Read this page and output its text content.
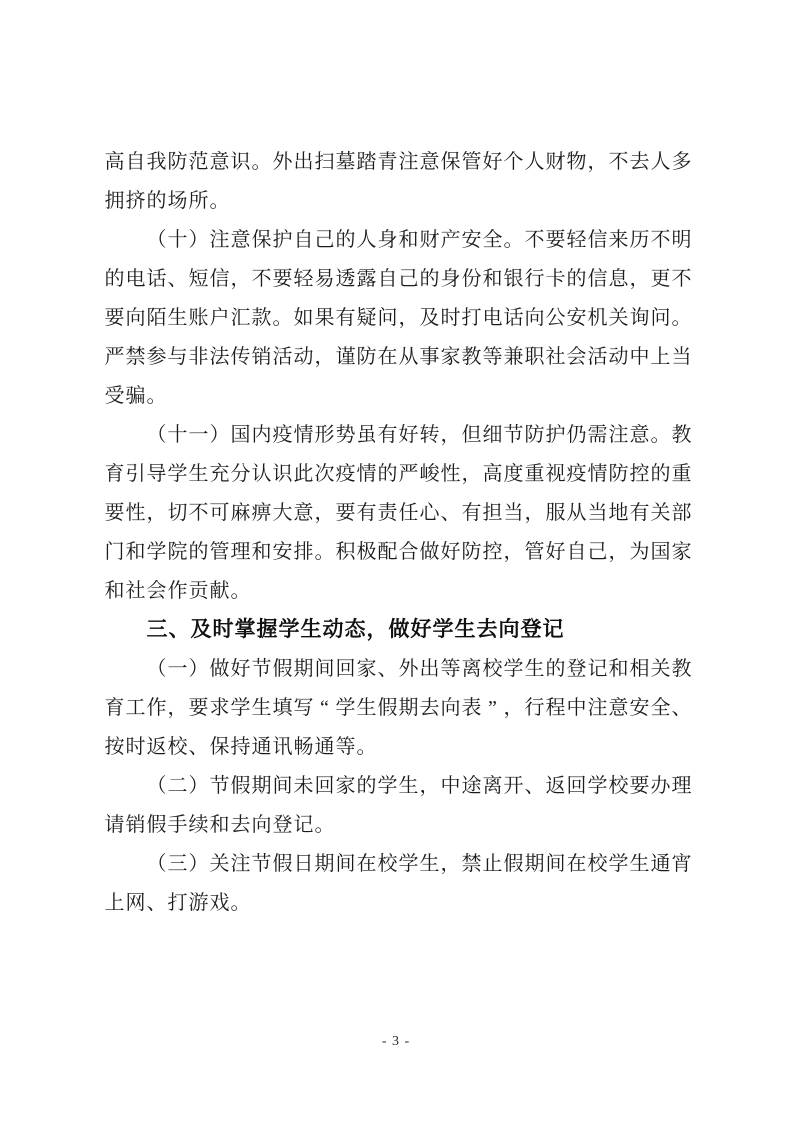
高 自 我 防 范 意 识 。 外 出 扫 墓 踏 青 注 意 保 管 好 个 人 财 物 ， 不 去 人 多
拥 挤 的 场 所 。
（ 十 ） 注 意 保 护 自 己 的 人 身 和 财 产 安 全 。 不 要 轻 信 来 历 不 明
的 电 话 、 短 信 ， 不 要 轻 易 透 露 自 己 的 身 份 和 银 行 卡 的 信 息 ， 更 不
要 向 陌 生 账 户 汇 款 。 如 果 有 疑 问 ， 及 时 打 电 话 向 公 安 机 关 询 问 。
严 禁 参 与 非 法 传 销 活 动 ， 谨 防 在 从 事 家 教 等 兼 职 社 会 活 动 中 上 当
受 骗 。
（ 十 一 ） 国 内 疫 情 形 势 虽 有 好 转 ， 但 细 节 防 护 仍 需 注 意 。 教
育 引 导 学 生 充 分 认 识 此 次 疫 情 的 严 峻 性 ， 高 度 重 视 疫 情 防 控 的 重
要 性 ， 切 不 可 麻 痹 大 意 ， 要 有 责 任 心 、 有 担 当 ， 服 从 当 地 有 关 部
门 和 学 院 的 管 理 和 安 排 。 积 极 配 合 做 好 防 控 ， 管 好 自 己 ， 为 国 家
和 社 会 作 贡 献 。
三 、 及 时 掌 握 学 生 动 态 ， 做 好 学 生 去 向 登 记
（ 一 ） 做 好 节 假 期 间 回 家 、 外 出 等 离 校 学 生 的 登 记 和 相 关 教
育 工 作 ， 要 求 学 生 填 写 “ 学 生 假 期 去 向 表 ” ， 行 程 中 注 意 安 全 、
按 时 返 校 、 保 持 通 讯 畅 通 等 。
（ 二 ） 节 假 期 间 未 回 家 的 学 生 ， 中 途 离 开 、 返 回 学 校 要 办 理
请 销 假 手 续 和 去 向 登 记 。
（ 三 ） 关 注 节 假 日 期 间 在 校 学 生 ， 禁 止 假 期 间 在 校 学 生 通 宵
上 网 、 打 游 戏 。
- 3 -
